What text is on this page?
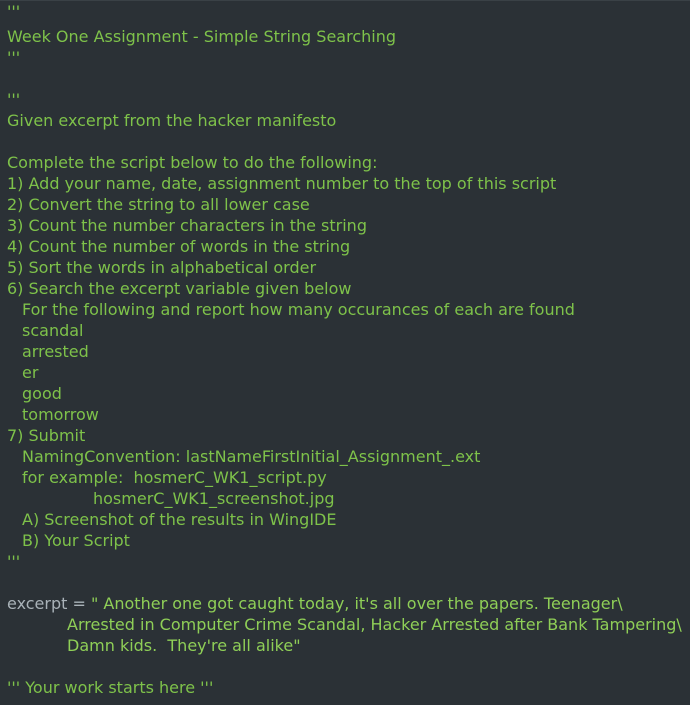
'''
Week One Assignment - Simple String Searching
'''
'''
Given excerpt from the hacker manifesto
Complete the script below to do the following:
1) Add your name, date, assignment number to the top of this script
2) Convert the string to all lower case
3) Count the number characters in the string
4) Count the number of words in the string
5) Sort the words in alphabetical order
6) Search the excerpt variable given below
For the following and report how many occurances of each are found
scandal
arrested
er
good
tomorrow
7) Submit
NamingConvention: lastNameFirstInitial_Assignment_.ext
for example:  hosmerC_WK1_script.py
hosmerC_WK1_screenshot.jpg
A) Screenshot of the results in WingIDE
B) Your Script
'''
excerpt = " Another one got caught today, it's all over the papers. Teenager\
Arrested in Computer Crime Scandal, Hacker Arrested after Bank Tampering\
Damn kids.  They're all alike"
''' Your work starts here '''
